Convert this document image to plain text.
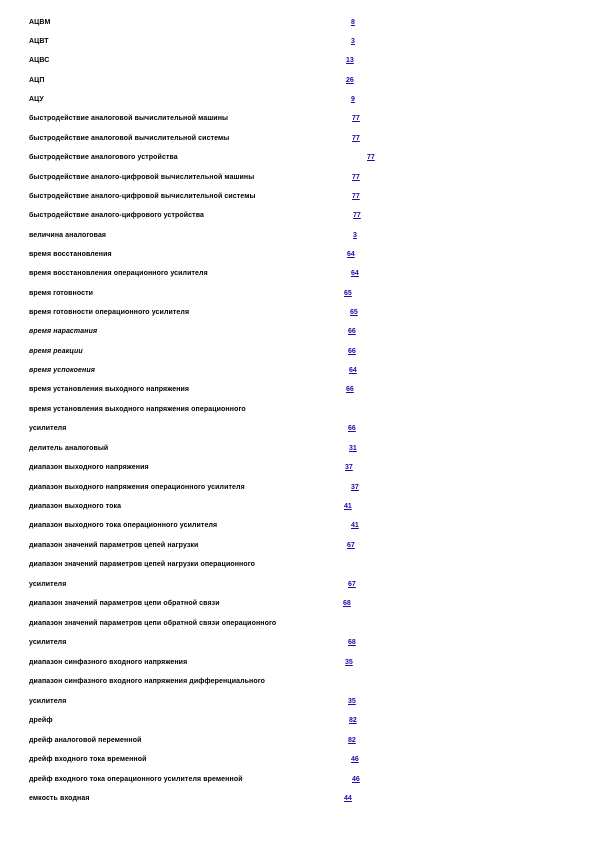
АЦВМ	8
АЦВТ	3
АЦВС	13
АЦП	26
АЦУ	9
быстродействие аналоговой вычислительной машины	77
быстродействие аналоговой вычислительной системы	77
быстродействие аналогового устройства	77
быстродействие аналого-цифровой вычислительной машины	77
быстродействие аналого-цифровой вычислительной системы	77
быстродействие аналого-цифрового устройства	77
величина аналоговая	3
время восстановления	64
время восстановления операционного усилителя	64
время готовности	65
время готовности операционного усилителя	65
время нарастания	66
время реакции	66
время успокоения	64
время установления выходного напряжения	66
время установления выходного напряжения операционного
усилителя	66
делитель аналоговый	31
диапазон выходного напряжения	37
диапазон выходного напряжения операционного усилителя	37
диапазон выходного тока	41
диапазон выходного тока операционного усилителя	41
диапазон значений параметров цепей нагрузки	67
диапазон значений параметров цепей нагрузки операционного
усилителя	67
диапазон значений параметров цепи обратной связи	68
диапазон значений параметров цепи обратной связи операционного
усилителя	68
диапазон синфазного входного напряжения	35
диапазон синфазного входного напряжения дифференциального
усилителя	35
дрейф	82
дрейф аналоговой переменной	82
дрейф входного тока временной	46
дрейф входного тока операционного усилителя временной	46
емкость входная	44
